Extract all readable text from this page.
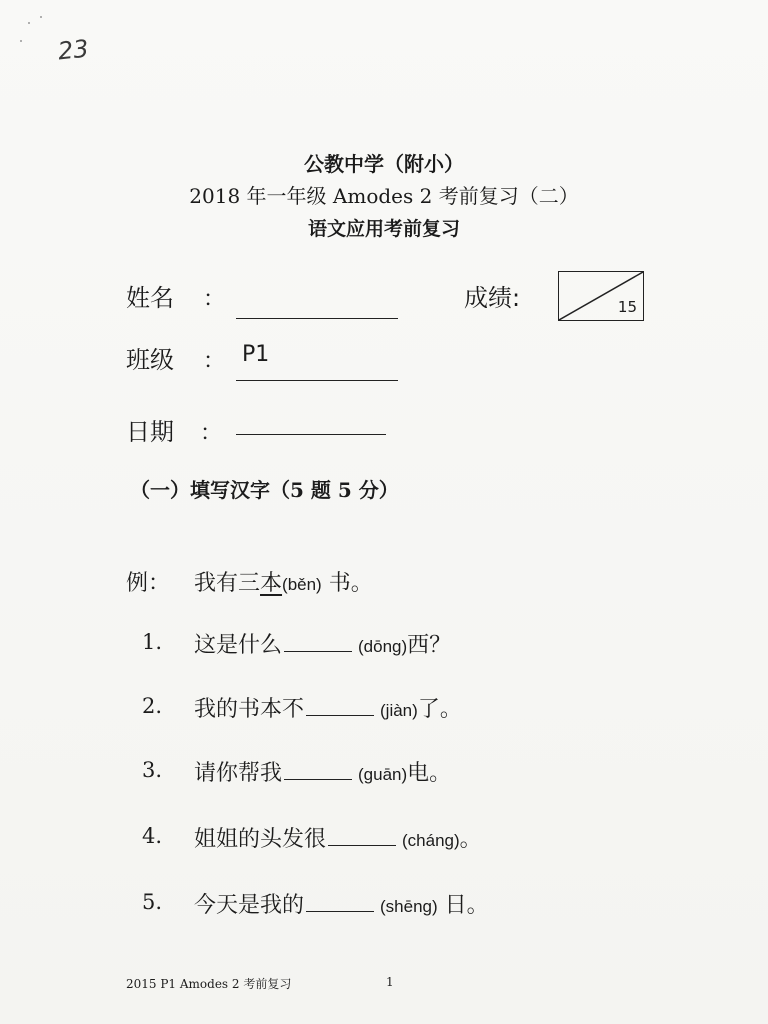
23
公教中学（附小）
2018 年一年级 Amodes 2 考前复习（二）
语文应用考前复习
姓名 ：	成绩:	15
班级 ： P1
日期 ：
（一）填写汉字（5 题 5 分）
例： 我有三本(běn) 书。
1. 这是什么	(dōng)西？
2. 我的书本不	(jiàn)了。
3. 请你帮我	(guān)电。
4. 姐姐的头发很	(cháng)。
5. 今天是我的	(shēng) 日。
2015 P1 Amodes 2 考前复习	1
